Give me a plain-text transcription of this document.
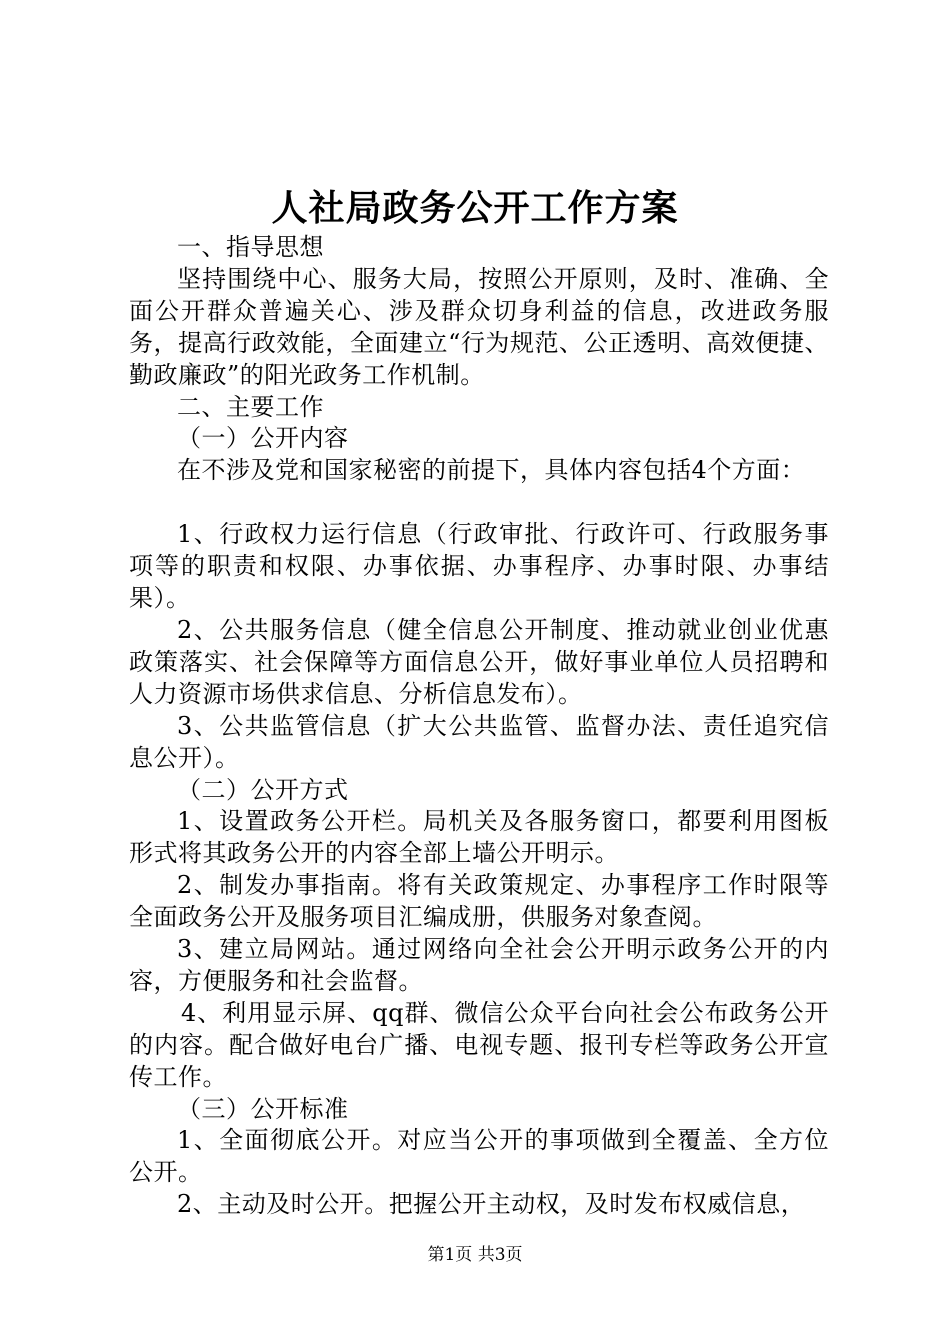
人社局政务公开工作方案

一、指导思想

坚持围绕中心、服务大局，按照公开原则，及时、准确、全面公开群众普遍关心、涉及群众切身利益的信息，改进政务服务，提高行政效能，全面建立“行为规范、公正透明、高效便捷、勤政廉政”的阳光政务工作机制。

二、主要工作

（一）公开内容

在不涉及党和国家秘密的前提下，具体内容包括4个方面：

1、行政权力运行信息（行政审批、行政许可、行政服务事项等的职责和权限、办事依据、办事程序、办事时限、办事结果）。

2、公共服务信息（健全信息公开制度、推动就业创业优惠政策落实、社会保障等方面信息公开，做好事业单位人员招聘和人力资源市场供求信息、分析信息发布）。

3、公共监管信息（扩大公共监管、监督办法、责任追究信息公开）。

（二）公开方式

1、设置政务公开栏。局机关及各服务窗口，都要利用图板形式将其政务公开的内容全部上墙公开明示。

2、制发办事指南。将有关政策规定、办事程序工作时限等全面政务公开及服务项目汇编成册，供服务对象查阅。

3、建立局网站。通过网络向全社会公开明示政务公开的内容，方便服务和社会监督。

4、利用显示屏、qq群、微信公众平台向社会公布政务公开的内容。配合做好电台广播、电视专题、报刊专栏等政务公开宣传工作。

（三）公开标准

1、全面彻底公开。对应当公开的事项做到全覆盖、全方位公开。

2、主动及时公开。把握公开主动权，及时发布权威信息，

第1页 共3页
